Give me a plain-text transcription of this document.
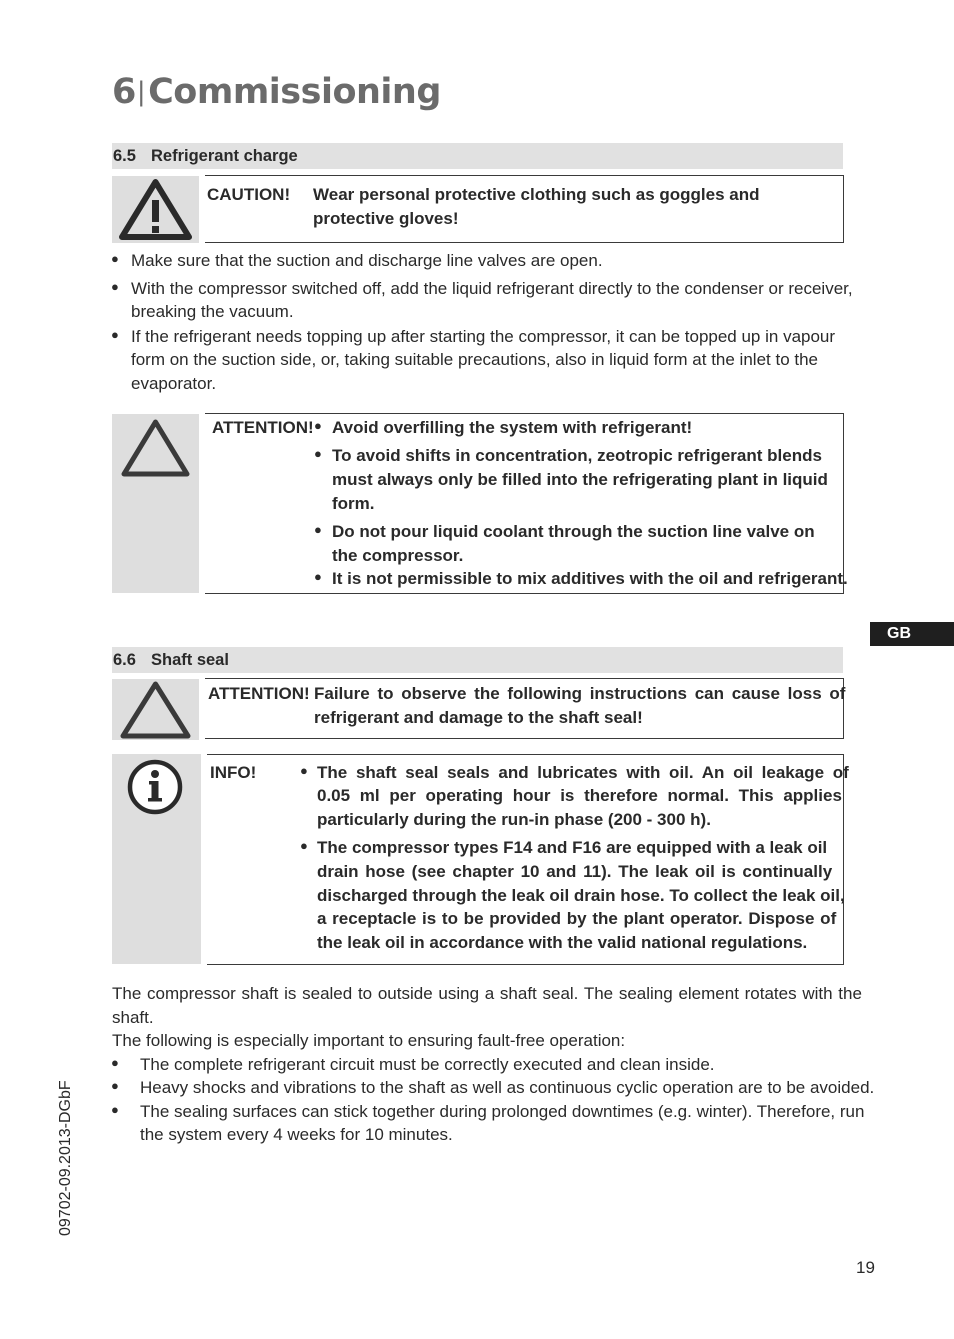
6|Commissioning
6.5 Refrigerant charge
CAUTION! Wear personal protective clothing such as goggles and
protective gloves!
● Make sure that the suction and discharge line valves are open.
● With the compressor switched off, add the liquid refrigerant directly to the condenser or receiver,
breaking the vacuum.
● If the refrigerant needs topping up after starting the compressor, it can be topped up in vapour
form on the suction side, or, taking suitable precautions, also in liquid form at the inlet to the
evaporator.
ATTENTION! ● Avoid overfilling the system with refrigerant!
● To avoid shifts in concentration, zeotropic refrigerant blends
must always only be filled into the refrigerating plant in liquid
form.
● Do not pour liquid coolant through the suction line valve on
the compressor.
● It is not permissible to mix additives with the oil and refrigerant.
GB
6.6 Shaft seal
ATTENTION! Failure to observe the following instructions can cause loss of
refrigerant and damage to the shaft seal!
INFO!	● The shaft seal seals and lubricates with oil. An oil leakage of
0.05 ml per operating hour is therefore normal. This applies
particularly during the run-in phase (200 - 300 h).
● The compressor types F14 and F16 are equipped with a leak oil
drain hose (see chapter 10 and 11). The leak oil is continually
discharged through the leak oil drain hose. To collect the leak oil,
a receptacle is to be provided by the plant operator. Dispose of
the leak oil in accordance with the valid national regulations.
The compressor shaft is sealed to outside using a shaft seal. The sealing element rotates with the
shaft.
The following is especially important to ensuring fault-free operation:
● The complete refrigerant circuit must be correctly executed and clean inside.
● Heavy shocks and vibrations to the shaft as well as continuous cyclic operation are to be avoided.
● The sealing surfaces can stick together during prolonged downtimes (e.g. winter). Therefore, run
the system every 4 weeks for 10 minutes.
09702-09.2013-DGbF
19
